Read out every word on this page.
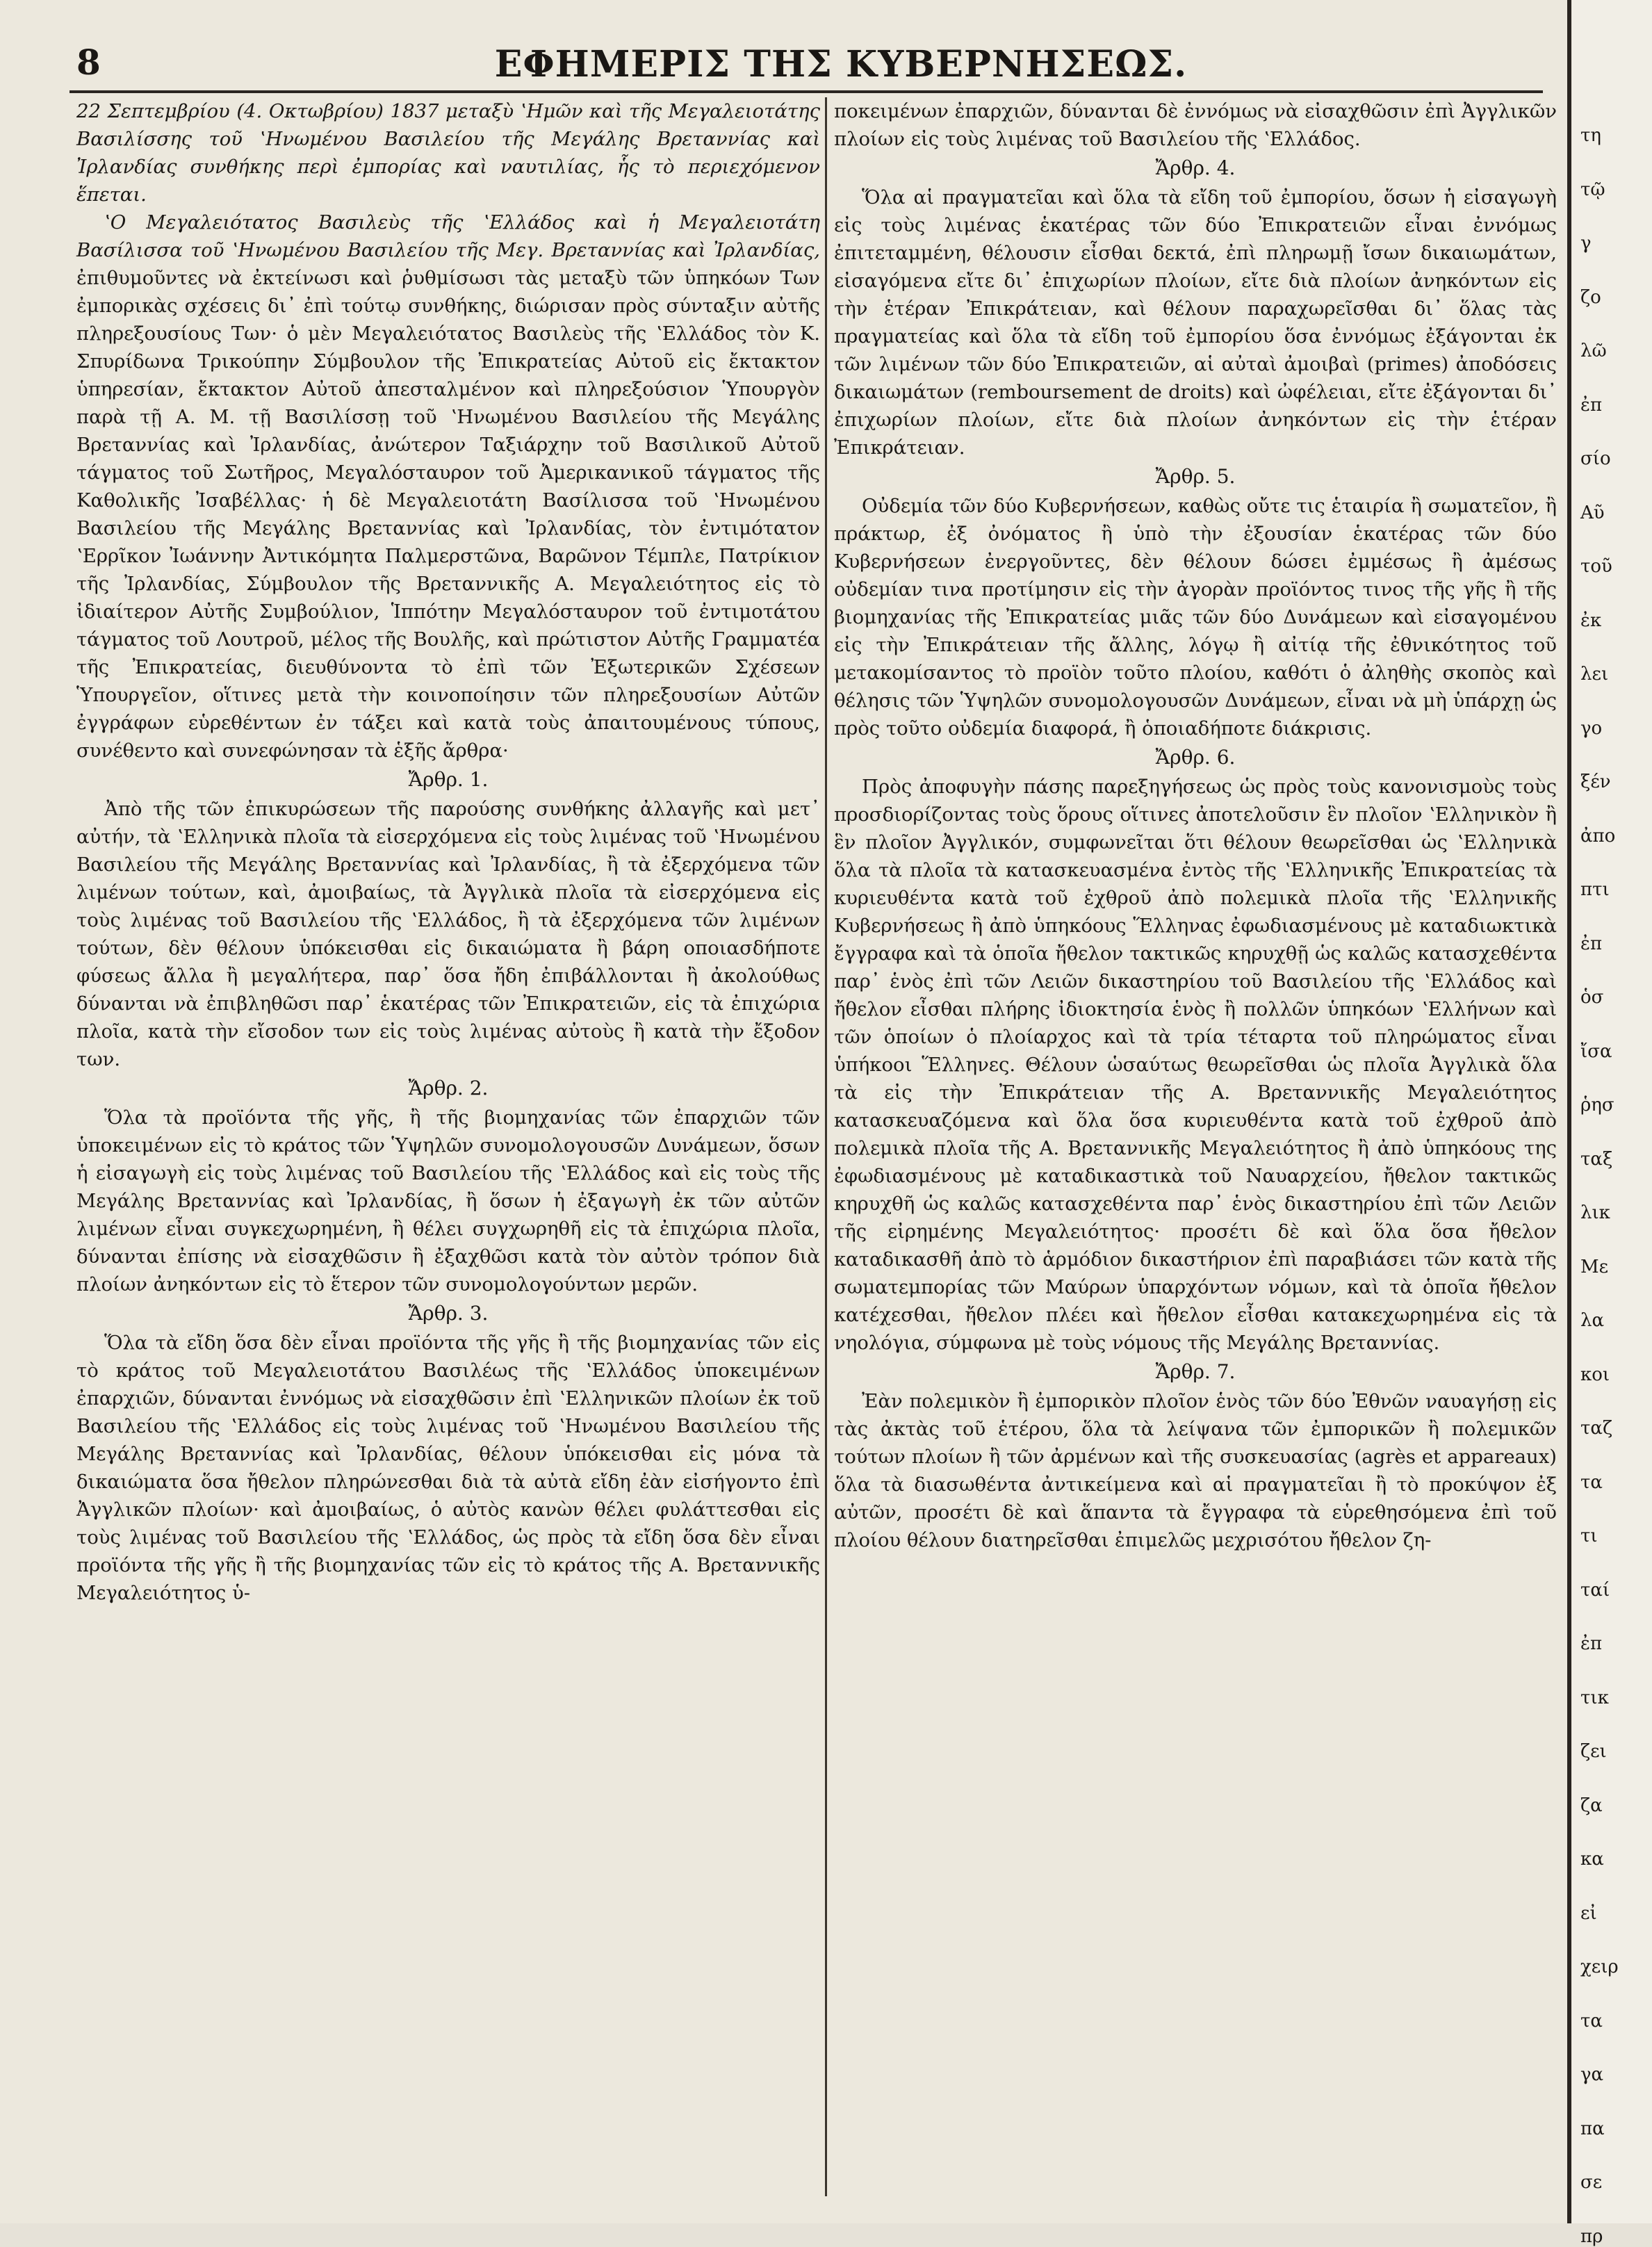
8	ΕΦΗΜΕΡΙΣ ΤΗΣ ΚΥΒΕΡΝΗΣΕΩΣ.

22 Σεπτεμβρίου (4. Οκτωβρίου) 1837 μεταξὺ ʽΗμῶν καὶ τῆς Μεγαλειοτάτης Βασιλίσσης τοῦ ʽΗνωμένου Βασιλείου τῆς Μεγάλης Βρεταννίας καὶ Ἰρλανδίας συνθήκης περὶ ἐμπορίας καὶ ναυτιλίας, ἧς τὸ περιεχόμενον ἕπεται.

ʽΟ Μεγαλειότατος Βασιλεὺς τῆς ʽΕλλάδος καὶ ἡ Μεγαλειοτάτη Βασίλισσα τοῦ ʽΗνωμένου Βασιλείου τῆς Μεγ. Βρεταννίας καὶ Ἰρλανδίας, ἐπιθυμοῦντες νὰ ἐκτείνωσι καὶ ῥυθμίσωσι τὰς μεταξὺ τῶν ὑπηκόων Των ἐμπορικὰς σχέσεις δι᾽ ἐπὶ τούτῳ συνθήκης, διώρισαν πρὸς σύνταξιν αὐτῆς πληρεξουσίους Των· ὁ μὲν Μεγαλειότατος Βασιλεὺς τῆς ʽΕλλάδος τὸν Κ. Σπυρίδωνα Τρικούπην Σύμβουλον τῆς Ἐπικρατείας Αὐτοῦ εἰς ἔκτακτον ὑπηρεσίαν, ἔκτακτον Αὐτοῦ ἀπεσταλμένον καὶ πληρεξούσιον Ὑπουργὸν παρὰ τῇ Α. Μ. τῇ Βασιλίσσῃ τοῦ ʽΗνωμένου Βασιλείου τῆς Μεγάλης Βρεταννίας καὶ Ἰρλανδίας, ἀνώτερον Ταξιάρχην τοῦ Βασιλικοῦ Αὐτοῦ τάγματος τοῦ Σωτῆρος, Μεγαλόσταυρον τοῦ Ἀμερικανικοῦ τάγματος τῆς Καθολικῆς Ἰσαβέλλας· ἡ δὲ Μεγαλειοτάτη Βασίλισσα τοῦ ʽΗνωμένου Βασιλείου τῆς Μεγάλης Βρεταννίας καὶ Ἰρλανδίας, τὸν ἐντιμότατον ʽΕρρῖκον Ἰωάννην Ἀντικόμητα Παλμερστῶνα, Βαρῶνον Τέμπλε, Πατρίκιον τῆς Ἰρλανδίας, Σύμβουλον τῆς Βρεταννικῆς Α. Μεγαλειότητος εἰς τὸ ἰδιαίτερον Αὐτῆς Συμβούλιον, Ἱππότην Μεγαλόσταυρον τοῦ ἐντιμοτάτου τάγματος τοῦ Λουτροῦ, μέλος τῆς Βουλῆς, καὶ πρώτιστον Αὐτῆς Γραμματέα τῆς Ἐπικρατείας, διευθύνοντα τὸ ἐπὶ τῶν Ἐξωτερικῶν Σχέσεων Ὑπουργεῖον, οἵτινες μετὰ τὴν κοινοποίησιν τῶν πληρεξουσίων Αὐτῶν ἐγγράφων εὑρεθέντων ἐν τάξει καὶ κατὰ τοὺς ἀπαιτουμένους τύπους, συνέθεντο καὶ συνεφώνησαν τὰ ἑξῆς ἄρθρα·

Ἄρθρ. 1.

Ἀπὸ τῆς τῶν ἐπικυρώσεων τῆς παρούσης συνθήκης ἀλλαγῆς καὶ μετ᾽ αὐτήν, τὰ ʽΕλληνικὰ πλοῖα τὰ εἰσερχόμενα εἰς τοὺς λιμένας τοῦ ʽΗνωμένου Βασιλείου τῆς Μεγάλης Βρεταννίας καὶ Ἰρλανδίας, ἢ τὰ ἐξερχόμενα τῶν λιμένων τούτων, καὶ, ἀμοιβαίως, τὰ Ἀγγλικὰ πλοῖα τὰ εἰσερχόμενα εἰς τοὺς λιμένας τοῦ Βασιλείου τῆς ʽΕλλάδος, ἢ τὰ ἐξερχόμενα τῶν λιμένων τούτων, δὲν θέλουν ὑπόκεισθαι εἰς δικαιώματα ἢ βάρη οποιασδήποτε φύσεως ἄλλα ἢ μεγαλήτερα, παρ᾽ ὅσα ἤδη ἐπιβάλλονται ἢ ἀκολούθως δύνανται νὰ ἐπιβληθῶσι παρ᾽ ἑκατέρας τῶν Ἐπικρατειῶν, εἰς τὰ ἐπιχώρια πλοῖα, κατὰ τὴν εἴσοδον των εἰς τοὺς λιμένας αὐτοὺς ἢ κατὰ τὴν ἔξοδον των.

Ἄρθρ. 2.

Ὅλα τὰ προϊόντα τῆς γῆς, ἢ τῆς βιομηχανίας τῶν ἐπαρχιῶν τῶν ὑποκειμένων εἰς τὸ κράτος τῶν Ὑψηλῶν συνομολογουσῶν Δυνάμεων, ὅσων ἡ εἰσαγωγὴ εἰς τοὺς λιμένας τοῦ Βασιλείου τῆς ʽΕλλάδος καὶ εἰς τοὺς τῆς Μεγάλης Βρεταννίας καὶ Ἰρλανδίας, ἢ ὅσων ἡ ἐξαγωγὴ ἐκ τῶν αὐτῶν λιμένων εἶναι συγκεχωρημένη, ἢ θέλει συγχωρηθῆ εἰς τὰ ἐπιχώρια πλοῖα, δύνανται ἐπίσης νὰ εἰσαχθῶσιν ἢ ἐξαχθῶσι κατὰ τὸν αὐτὸν τρόπον διὰ πλοίων ἀνηκόντων εἰς τὸ ἕτερον τῶν συνομολογούντων μερῶν.

Ἄρθρ. 3.

Ὅλα τὰ εἴδη ὅσα δὲν εἶναι προϊόντα τῆς γῆς ἢ τῆς βιομηχανίας τῶν εἰς τὸ κράτος τοῦ Μεγαλειοτάτου Βασιλέως τῆς ʽΕλλάδος ὑποκειμένων ἐπαρχιῶν, δύνανται ἐννόμως νὰ εἰσαχθῶσιν ἐπὶ ʽΕλληνικῶν πλοίων ἐκ τοῦ Βασιλείου τῆς ʽΕλλάδος εἰς τοὺς λιμένας τοῦ ʽΗνωμένου Βασιλείου τῆς Μεγάλης Βρεταννίας καὶ Ἰρλανδίας, θέλουν ὑπόκεισθαι εἰς μόνα τὰ δικαιώματα ὅσα ἤθελον πληρώνεσθαι διὰ τὰ αὐτὰ εἴδη ἐὰν εἰσήγοντο ἐπὶ Ἀγγλικῶν πλοίων· καὶ ἀμοιβαίως, ὁ αὐτὸς κανὼν θέλει φυλάττεσθαι εἰς τοὺς λιμένας τοῦ Βασιλείου τῆς ʽΕλλάδος, ὡς πρὸς τὰ εἴδη ὅσα δὲν εἶναι προϊόντα τῆς γῆς ἢ τῆς βιομηχανίας τῶν εἰς τὸ κράτος τῆς Α. Βρεταννικῆς Μεγαλειότητος ὑ-

ποκειμένων ἐπαρχιῶν, δύνανται δὲ ἐννόμως νὰ εἰσαχθῶσιν ἐπὶ Ἀγγλικῶν πλοίων εἰς τοὺς λιμένας τοῦ Βασιλείου τῆς ʽΕλλάδος.

Ἄρθρ. 4.

Ὅλα αἱ πραγματεῖαι καὶ ὅλα τὰ εἴδη τοῦ ἐμπορίου, ὅσων ἡ εἰσαγωγὴ εἰς τοὺς λιμένας ἑκατέρας τῶν δύο Ἐπικρατειῶν εἶναι ἐννόμως ἐπιτεταμμένη, θέλουσιν εἶσθαι δεκτά, ἐπὶ πληρωμῇ ἴσων δικαιωμάτων, εἰσαγόμενα εἴτε δι᾽ ἐπιχωρίων πλοίων, εἴτε διὰ πλοίων ἀνηκόντων εἰς τὴν ἑτέραν Ἐπικράτειαν, καὶ θέλουν παραχωρεῖσθαι δι᾽ ὅλας τὰς πραγματείας καὶ ὅλα τὰ εἴδη τοῦ ἐμπορίου ὅσα ἐννόμως ἐξάγονται ἐκ τῶν λιμένων τῶν δύο Ἐπικρατειῶν, αἱ αὐταὶ ἀμοιβαὶ (primes) ἀποδόσεις δικαιωμάτων (remboursement de droits) καὶ ὠφέλειαι, εἴτε ἐξάγονται δι᾽ ἐπιχωρίων πλοίων, εἴτε διὰ πλοίων ἀνηκόντων εἰς τὴν ἑτέραν Ἐπικράτειαν.

Ἄρθρ. 5.

Οὐδεμία τῶν δύο Κυβερνήσεων, καθὼς οὔτε τις ἑταιρία ἢ σωματεῖον, ἢ πράκτωρ, ἐξ ὀνόματος ἢ ὑπὸ τὴν ἐξουσίαν ἑκατέρας τῶν δύο Κυβερνήσεων ἐνεργοῦντες, δὲν θέλουν δώσει ἐμμέσως ἢ ἀμέσως οὐδεμίαν τινα προτίμησιν εἰς τὴν ἀγορὰν προϊόντος τινος τῆς γῆς ἢ τῆς βιομηχανίας τῆς Ἐπικρατείας μιᾶς τῶν δύο Δυνάμεων καὶ εἰσαγομένου εἰς τὴν Ἐπικράτειαν τῆς ἄλλης, λόγῳ ἢ αἰτίᾳ τῆς ἐθνικότητος τοῦ μετακομίσαντος τὸ προϊὸν τοῦτο πλοίου, καθότι ὁ ἀληθὴς σκοπὸς καὶ θέλησις τῶν Ὑψηλῶν συνομολογουσῶν Δυνάμεων, εἶναι νὰ μὴ ὑπάρχῃ ὡς πρὸς τοῦτο οὐδεμία διαφορά, ἢ ὁποιαδήποτε διάκρισις.

Ἄρθρ. 6.

Πρὸς ἀποφυγὴν πάσης παρεξηγήσεως ὡς πρὸς τοὺς κανονισμοὺς τοὺς προσδιορίζοντας τοὺς ὅρους οἵτινες ἀποτελοῦσιν ἓν πλοῖον ʽΕλληνικὸν ἢ ἓν πλοῖον Ἀγγλικόν, συμφωνεῖται ὅτι θέλουν θεωρεῖσθαι ὡς ʽΕλληνικὰ ὅλα τὰ πλοῖα τὰ κατασκευασμένα ἐντὸς τῆς ʽΕλληνικῆς Ἐπικρατείας τὰ κυριευθέντα κατὰ τοῦ ἐχθροῦ ἀπὸ πολεμικὰ πλοῖα τῆς ʽΕλληνικῆς Κυβερνήσεως ἢ ἀπὸ ὑπηκόους Ἕλληνας ἐφωδιασμένους μὲ καταδιωκτικὰ ἔγγραφα καὶ τὰ ὁποῖα ἤθελον τακτικῶς κηρυχθῇ ὡς καλῶς κατασχεθέντα παρ᾽ ἑνὸς ἐπὶ τῶν Λειῶν δικαστηρίου τοῦ Βασιλείου τῆς ʽΕλλάδος καὶ ἤθελον εἶσθαι πλήρης ἰδιοκτησία ἑνὸς ἢ πολλῶν ὑπηκόων ʽΕλλήνων καὶ τῶν ὁποίων ὁ πλοίαρχος καὶ τὰ τρία τέταρτα τοῦ πληρώματος εἶναι ὑπήκοοι Ἕλληνες. Θέλουν ὡσαύτως θεωρεῖσθαι ὡς πλοῖα Ἀγγλικὰ ὅλα τὰ εἰς τὴν Ἐπικράτειαν τῆς Α. Βρεταννικῆς Μεγαλειότητος κατασκευαζόμενα καὶ ὅλα ὅσα κυριευθέντα κατὰ τοῦ ἐχθροῦ ἀπὸ πολεμικὰ πλοῖα τῆς Α. Βρεταννικῆς Μεγαλειότητος ἢ ἀπὸ ὑπηκόους της ἐφωδιασμένους μὲ καταδικαστικὰ τοῦ Ναυαρχείου, ἤθελον τακτικῶς κηρυχθῆ ὡς καλῶς κατασχεθέντα παρ᾽ ἑνὸς δικαστηρίου ἐπὶ τῶν Λειῶν τῆς εἰρημένης Μεγαλειότητος· προσέτι δὲ καὶ ὅλα ὅσα ἤθελον καταδικασθῆ ἀπὸ τὸ ἁρμόδιον δικαστήριον ἐπὶ παραβιάσει τῶν κατὰ τῆς σωματεμπορίας τῶν Μαύρων ὑπαρχόντων νόμων, καὶ τὰ ὁποῖα ἤθελον κατέχεσθαι, ἤθελον πλέει καὶ ἤθελον εἶσθαι κατακεχωρημένα εἰς τὰ νηολόγια, σύμφωνα μὲ τοὺς νόμους τῆς Μεγάλης Βρεταννίας.

Ἄρθρ. 7.

Ἐὰν πολεμικὸν ἢ ἐμπορικὸν πλοῖον ἑνὸς τῶν δύο Ἐθνῶν ναυαγήσῃ εἰς τὰς ἀκτὰς τοῦ ἑτέρου, ὅλα τὰ λείψανα τῶν ἐμπορικῶν ἢ πολεμικῶν τούτων πλοίων ἢ τῶν ἀρμένων καὶ τῆς συσκευασίας (agrès et appareaux) ὅλα τὰ διασωθέντα ἀντικείμενα καὶ αἱ πραγματεῖαι ἢ τὸ προκύψον ἐξ αὐτῶν, προσέτι δὲ καὶ ἅπαντα τὰ ἔγγραφα τὰ εὑρεθησόμενα ἐπὶ τοῦ πλοίου θέλουν διατηρεῖσθαι ἐπιμελῶς μεχρισότου ἤθελον ζη-

τη
τῷ
γ
ζο
λῶ
ἐπ
σίο
Αῦ
τοῦ
ἐκ
λει
γο
ξέν
ἀπο
πτι
ἐπ
ὁσ
ἴσα
ῥησ
ταξ
λικ
Με
λα
κοι
ταζ
τα
τι
ταί
ἐπ
τικ
ζει
ζα
κα
εἰ
χειρ
τα
γα
πα
σε
πρ
